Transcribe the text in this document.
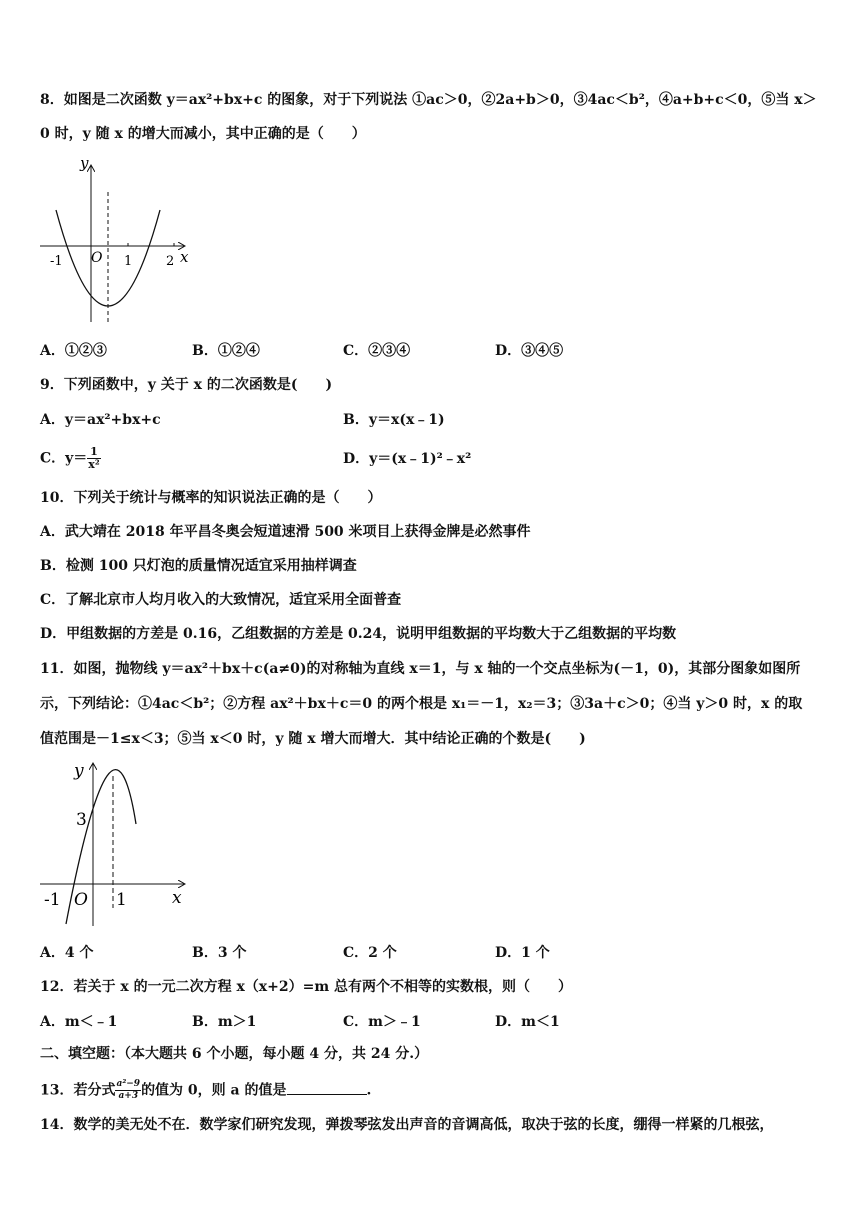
8．如图是二次函数 y＝ax²+bx+c 的图象，对于下列说法 ①ac＞0，②2a+b＞0，③4ac＜b²，④a+b+c＜0，⑤当 x＞
0 时，y 随 x 的增大而减小，其中正确的是（　　）
y
x
O
-1	1	2
A．①②③	B．①②④	C．②③④	D．③④⑤
9．下列函数中，y 关于 x 的二次函数是(　　)
A．y＝ax²+bx+c	B．y＝x(x﹣1)
C．$y= \frac{1}{\text{x²}}$	D．y＝(x﹣1)²﹣x²
10．下列关于统计与概率的知识说法正确的是（　　）
A．武大靖在 2018 年平昌冬奥会短道速滑 500 米项目上获得金牌是必然事件
B．检测 100 只灯泡的质量情况适宜采用抽样调查
C．了解北京市人均月收入的大致情况，适宜采用全面普查
D．甲组数据的方差是 0.16，乙组数据的方差是 0.24，说明甲组数据的平均数大于乙组数据的平均数
11．如图，抛物线 y＝ax²＋bx＋c(a≠0)的对称轴为直线 x＝1，与 x 轴的一个交点坐标为(－1，0)，其部分图象如图所
示，下列结论：①4ac＜b²；②方程 ax²＋bx＋c＝0 的两个根是 x₁＝－1，x₂＝3；③3a＋c＞0；④当 y＞0 时，x 的取
值范围是－1≤x＜3；⑤当 x＜0 时，y 随 x 增大而增大．其中结论正确的个数是(　　)
y
x
O
-1	1
3
A．4 个	B．3 个	C．2 个	D．1 个
12．若关于 x 的一元二次方程 x（x+2）=m 总有两个不相等的实数根，则（　　）
A．m＜﹣1	B．m＞1	C．m＞﹣1	D．m＜1
二、填空题：（本大题共 6 个小题，每小题 4 分，共 24 分.）
13．若分式 $\frac{\text{a²−9}}{a+3}$ 的值为 0，则 a 的值是	.
14．数学的美无处不在．数学家们研究发现，弹拨琴弦发出声音的音调高低，取决于弦的长度，绷得一样紧的几根弦，
